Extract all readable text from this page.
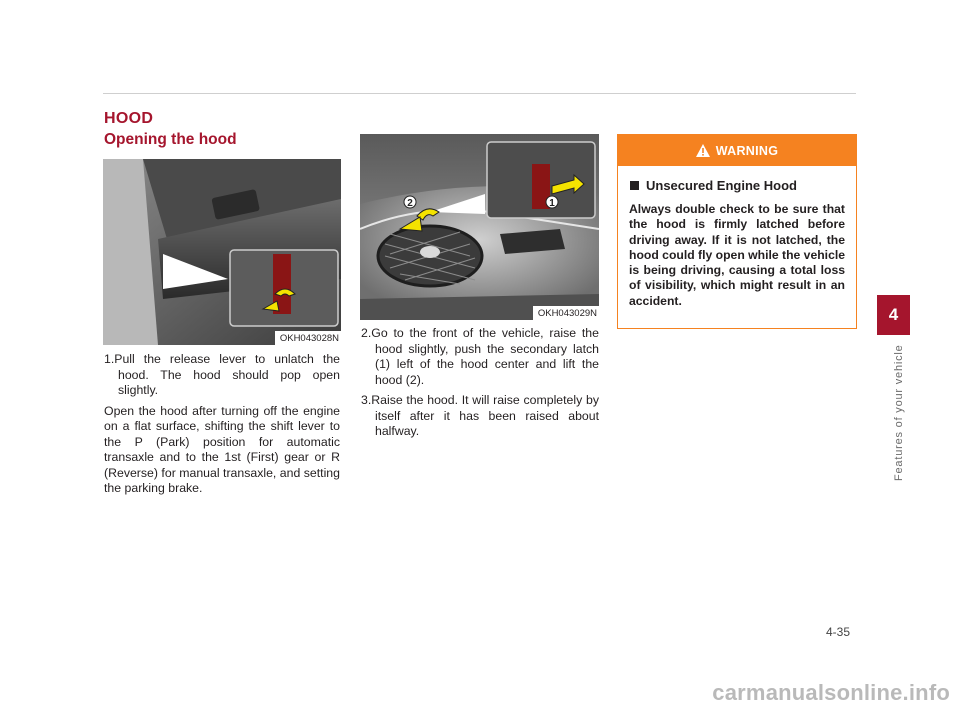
HOOD
Opening the hood
OKH043028N
2	1
OKH043029N

1.Pull the release lever to unlatch the hood. The hood should pop open slightly.

Open the hood after turning off the engine on a flat surface, shifting the shift lever to the P (Park) position for automatic transaxle and to the 1st (First) gear or R (Reverse) for manual transaxle, and setting the parking brake.

2.Go to the front of the vehicle, raise the hood slightly, push the secondary latch (1) left of the hood center and lift the hood (2).

3.Raise the hood. It will raise completely by itself after it has been raised about halfway.

WARNING
Unsecured Engine Hood
Always double check to be sure that the hood is firmly latched before driving away. If it is not latched, the hood could fly open while the vehicle is being driving, causing a total loss of visibility, which might result in an accident.
4
Features of your vehicle
4-35
carmanualsonline.info
